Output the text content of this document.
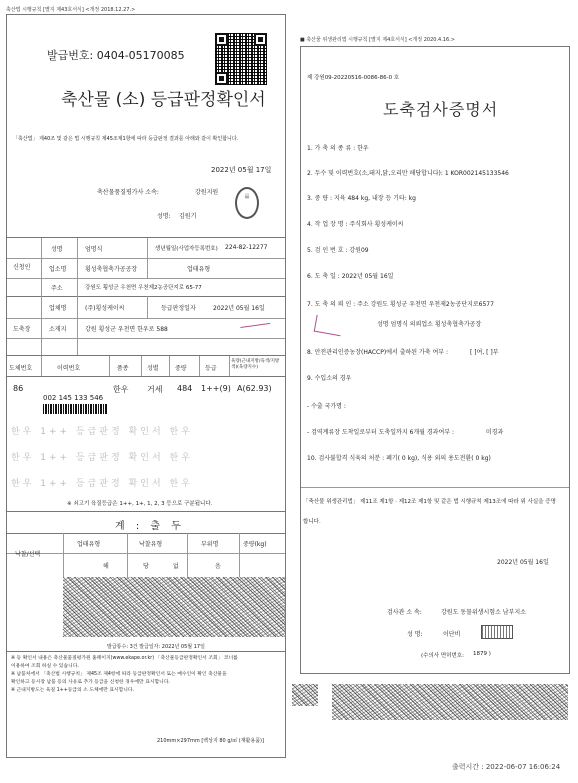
축산법 시행규칙 [별지 제43호서식] <개정 2018.12.27.>
발급번호: 0404-05170085
축산물 (소) 등급판정확인서
「축산법」 제40조 및 같은 법 시행규칙 제45조제1항에 따라 등급판정 결과를 아래와 같이 확인합니다.
2022년 05월 17일
축산물품질평가사 소속:	강원지원
성명: 김원기
品
신청인
도축장
성명	엄명식	생년월일(사업자등록번호) 224-82-12277
업소명	횡성축협축가공공장	업태유형
주소	강원도 횡성군 우천면 우천제2농공단지로 65-77
업체명	(주)횡성케이씨	등급판정일자	2022년 05월 16일
소재지	강원 횡성군 우천면 한우로 588
도체번호	이력번호	품종	성별	중량	등급
육량(근내지방/육색/지방색)(육량지수)
86
002 145 133 546
한우 거세 484 1++(9) A(62.93)
한우 1++ 등급판정 확인서 한우
한우 1++ 등급판정 확인서 한우
한우 1++ 등급판정 확인서 한우
※ 쇠고기 육질등급은 1++, 1+, 1, 2, 3 등으로 구분됩니다.
계 : 출 두
낙찰/선택
업태유형	낙찰유형	부위명	중량(kg)
해	당	없	음
발급통수: 3건 발급일자: 2022년 05월 17일
※ 등 확인서 내용은 축산물품질평가원 홈페이지(www.ekape.or.kr) 「축산물등급판정확인서 조회」 코너를
이용하여 조회 하실 수 있습니다.
※ 납품처에서 「축산법 시행규칙」 제45조 제4항에 따라 등급판정확인서 또는 매수인이 확인 축산물을
확인하고 등시장 납품 등의 사유로 추가 등급을 신청한 경우에만 표시합니다.
※ 근내지방도는 육질 1++등급의 소 도체에만 표시합니다.
210mm×297mm [백상지 80 g/㎡ (재활용품)]
■ 축산물 위생관리법 시행규칙 [별지 제4호서식] <개정 2020.4.16.>
제 강원09-20220516-0086-86-0 호
도축검사증명서
1. 가 축 의 종 류 : 한우
2. 두수 및 이력번호(소,돼지,닭,오리만 해당합니다): 1 KOR002145133546
3. 중 량 : 지육 484 kg, 내장 등 기타: kg
4. 작 업 장 명 : 주식회사 횡성케이씨
5. 검 인 번 호 : 강원09
6. 도 축 일 : 2022년 05월 16일
7. 도 축 의 뢰 인 : 주소 강원도 횡성군 우천면 우천제2농공단지로6577
성명 엄명식 의뢰업소 횡성축협축가공장
8. 안전관리인증농장(HACCP)에서 출하된 가축 여부 :	[ ]여, [ ]부
9. 수입소의 경우
- 수출 국가명 :
- 검역계류장 도착일로부터 도축일까지 6개월 경과여부 :	미경과
10. 검사불합격 식육의 처분 : 폐기( 0 kg), 식용 외의 용도전환( 0 kg)
「축산물 위생관리법」 제11조 제1항 · 제12조 제1항 및 같은 법 시행규칙 제13조에 따라 위 사실을 증명
합니다.
2022년 05월 16일
검사관 소 속:	강원도 동물위생시험소 남부지소
성 명:	이단비
(수의사 면허번호: 1879 )
출력시간 : 2022-06-07 16:06:24
